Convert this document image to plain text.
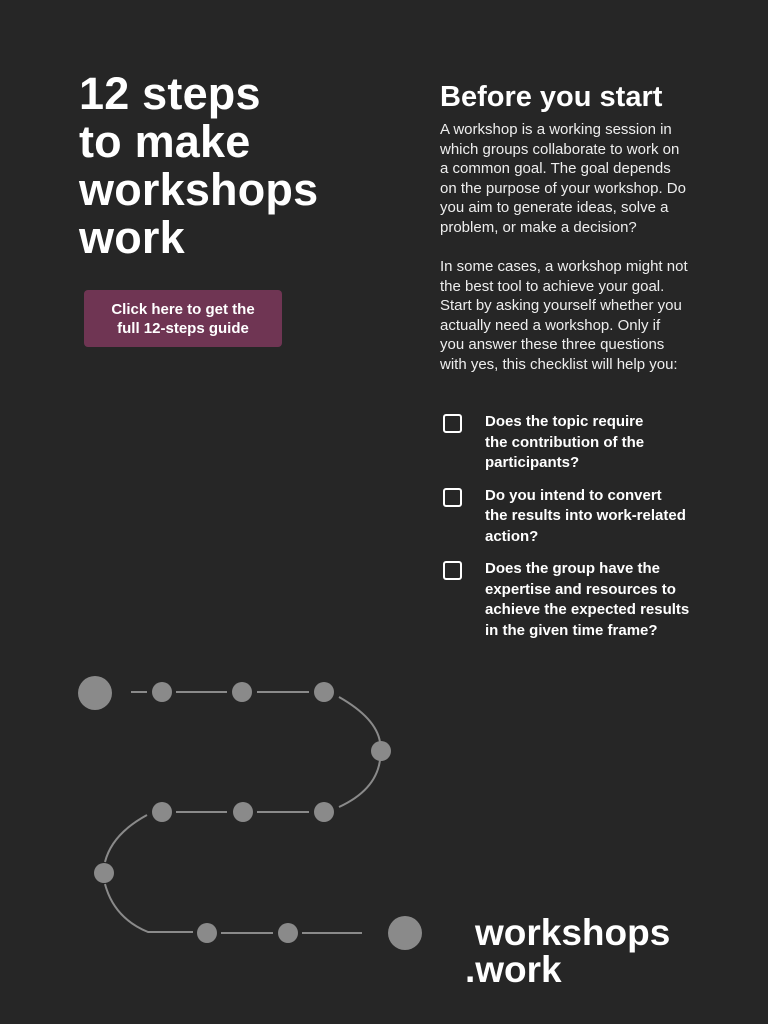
12 steps
to make
workshops
work
Click here to get the
full 12-steps guide
Before you start

A workshop is a working session in
which groups collaborate to work on
a common goal. The goal depends
on the purpose of your workshop. Do
you aim to generate ideas, solve a
problem, or make a decision?

In some cases, a workshop might not
the best tool to achieve your goal.
Start by asking yourself whether you
actually need a workshop. Only if
you answer these three questions
with yes, this checklist will help you:

Does the topic require
the contribution of the
participants?
Do you intend to convert
the results into work-related
action?
Does the group have the
expertise and resources to
achieve the expected results
in the given time frame?
workshops
.work
